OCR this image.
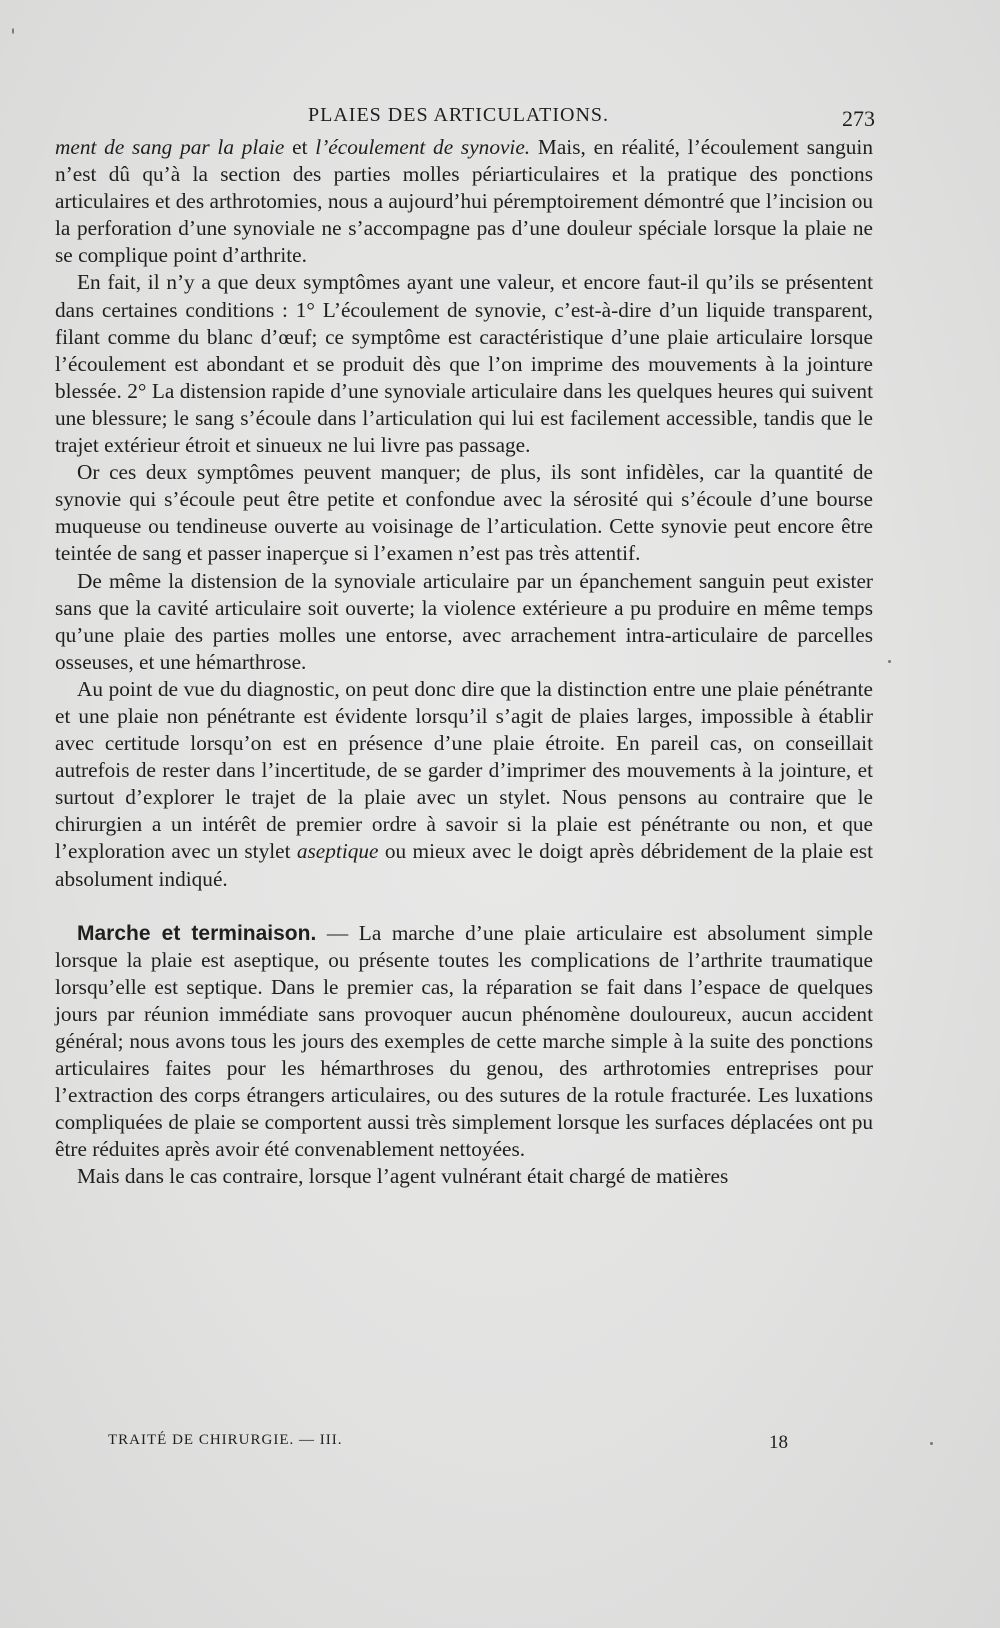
PLAIES DES ARTICULATIONS.	273

ment de sang par la plaie et l’écoulement de synovie. Mais, en réalité, l’écoulement sanguin n’est dû qu’à la section des parties molles périarticulaires et la pratique des ponctions articulaires et des arthrotomies, nous a aujourd’hui péremptoirement démontré que l’incision ou la perforation d’une synoviale ne s’accompagne pas d’une douleur spéciale lorsque la plaie ne se complique point d’arthrite.

En fait, il n’y a que deux symptômes ayant une valeur, et encore faut-il qu’ils se présentent dans certaines conditions : 1° L’écoulement de synovie, c’est-à-dire d’un liquide transparent, filant comme du blanc d’œuf; ce symptôme est caractéristique d’une plaie articulaire lorsque l’écoulement est abondant et se produit dès que l’on imprime des mouvements à la jointure blessée. 2° La distension rapide d’une synoviale articulaire dans les quelques heures qui suivent une blessure; le sang s’écoule dans l’articulation qui lui est facilement accessible, tandis que le trajet extérieur étroit et sinueux ne lui livre pas passage.

Or ces deux symptômes peuvent manquer; de plus, ils sont infidèles, car la quantité de synovie qui s’écoule peut être petite et confondue avec la sérosité qui s’écoule d’une bourse muqueuse ou tendineuse ouverte au voisinage de l’articulation. Cette synovie peut encore être teintée de sang et passer inaperçue si l’examen n’est pas très attentif.

De même la distension de la synoviale articulaire par un épanchement sanguin peut exister sans que la cavité articulaire soit ouverte; la violence extérieure a pu produire en même temps qu’une plaie des parties molles une entorse, avec arrachement intra-articulaire de parcelles osseuses, et une hémarthrose.

Au point de vue du diagnostic, on peut donc dire que la distinction entre une plaie pénétrante et une plaie non pénétrante est évidente lorsqu’il s’agit de plaies larges, impossible à établir avec certitude lorsqu’on est en présence d’une plaie étroite. En pareil cas, on conseillait autrefois de rester dans l’incertitude, de se garder d’imprimer des mouvements à la jointure, et surtout d’explorer le trajet de la plaie avec un stylet. Nous pensons au contraire que le chirurgien a un intérêt de premier ordre à savoir si la plaie est pénétrante ou non, et que l’exploration avec un stylet aseptique ou mieux avec le doigt après débridement de la plaie est absolument indiqué.

Marche et terminaison. — La marche d’une plaie articulaire est absolument simple lorsque la plaie est aseptique, ou présente toutes les complications de l’arthrite traumatique lorsqu’elle est septique. Dans le premier cas, la réparation se fait dans l’espace de quelques jours par réunion immédiate sans provoquer aucun phénomène douloureux, aucun accident général; nous avons tous les jours des exemples de cette marche simple à la suite des ponctions articulaires faites pour les hémarthroses du genou, des arthrotomies entreprises pour l’extraction des corps étrangers articulaires, ou des sutures de la rotule fracturée. Les luxations compliquées de plaie se comportent aussi très simplement lorsque les surfaces déplacées ont pu être réduites après avoir été convenablement nettoyées.

Mais dans le cas contraire, lorsque l’agent vulnérant était chargé de matières

TRAITÉ DE CHIRURGIE. — III.	18
